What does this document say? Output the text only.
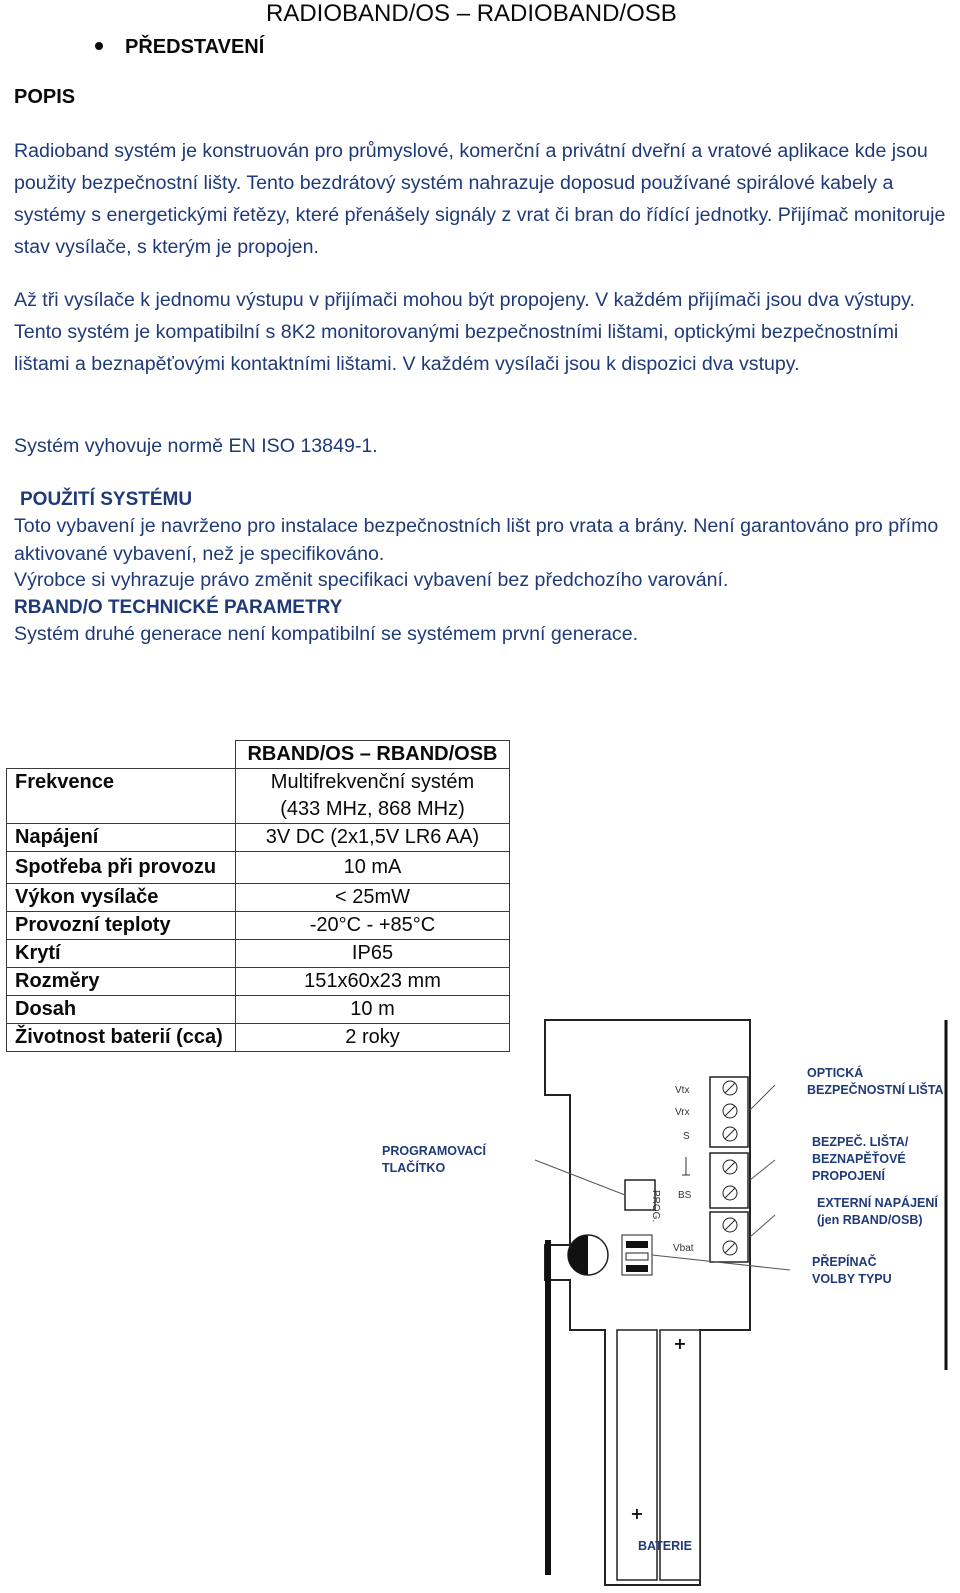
RADIOBAND/OS – RADIOBAND/OSB
PŘEDSTAVENÍ
POPIS
Radioband systém je konstruován pro průmyslové, komerční a privátní dveřní a vratové aplikace kde jsou použity bezpečnostní lišty. Tento bezdrátový systém nahrazuje doposud používané spirálové kabely a systémy s energetickými řetězy, které přenášely signály z vrat či bran do řídící jednotky. Přijímač monitoruje stav vysílače, s kterým je propojen.
Až tři vysílače k jednomu výstupu v přijímači mohou být propojeny. V každém přijímači jsou dva výstupy. Tento systém je kompatibilní s 8K2 monitorovanými bezpečnostními lištami, optickými bezpečnostními lištami a beznapěťovými kontaktními lištami. V každém vysílači jsou k dispozici dva vstupy.
Systém vyhovuje normě EN ISO 13849-1.
POUŽITÍ SYSTÉMU
Toto vybavení je navrženo pro instalace bezpečnostních lišt pro vrata a brány. Není garantováno pro přímo aktivované vybavení, než je specifikováno.
Výrobce si vyhrazuje právo změnit specifikaci vybavení bez předchozího varování.
RBAND/O TECHNICKÉ PARAMETRY
Systém druhé generace není kompatibilní se systémem první generace.
	RBAND/OS – RBAND/OSB
Frekvence	Multifrekvenční systém
	(433 MHz, 868 MHz)
Napájení	3V DC (2x1,5V LR6 AA)
Spotřeba při provozu	10 mA
Výkon vysílače	< 25mW
Provozní teploty	-20°C - +85°C
Krytí	IP65
Rozměry	151x60x23 mm
Dosah	10 m
Životnost baterií (cca)	2 roky
Vtx
Vrx
S
BS
Vbat
PROG.
+
+
OPTICKÁ
BEZPEČNOSTNÍ LIŠTA
PROGRAMOVACÍ
TLAČÍTKO
BEZPEČ. LIŠTA/
BEZNAPĚŤOVÉ
PROPOJENÍ
EXTERNÍ NAPÁJENÍ
(jen RBAND/OSB)
PŘEPÍNAČ
VOLBY TYPU
BATERIE
